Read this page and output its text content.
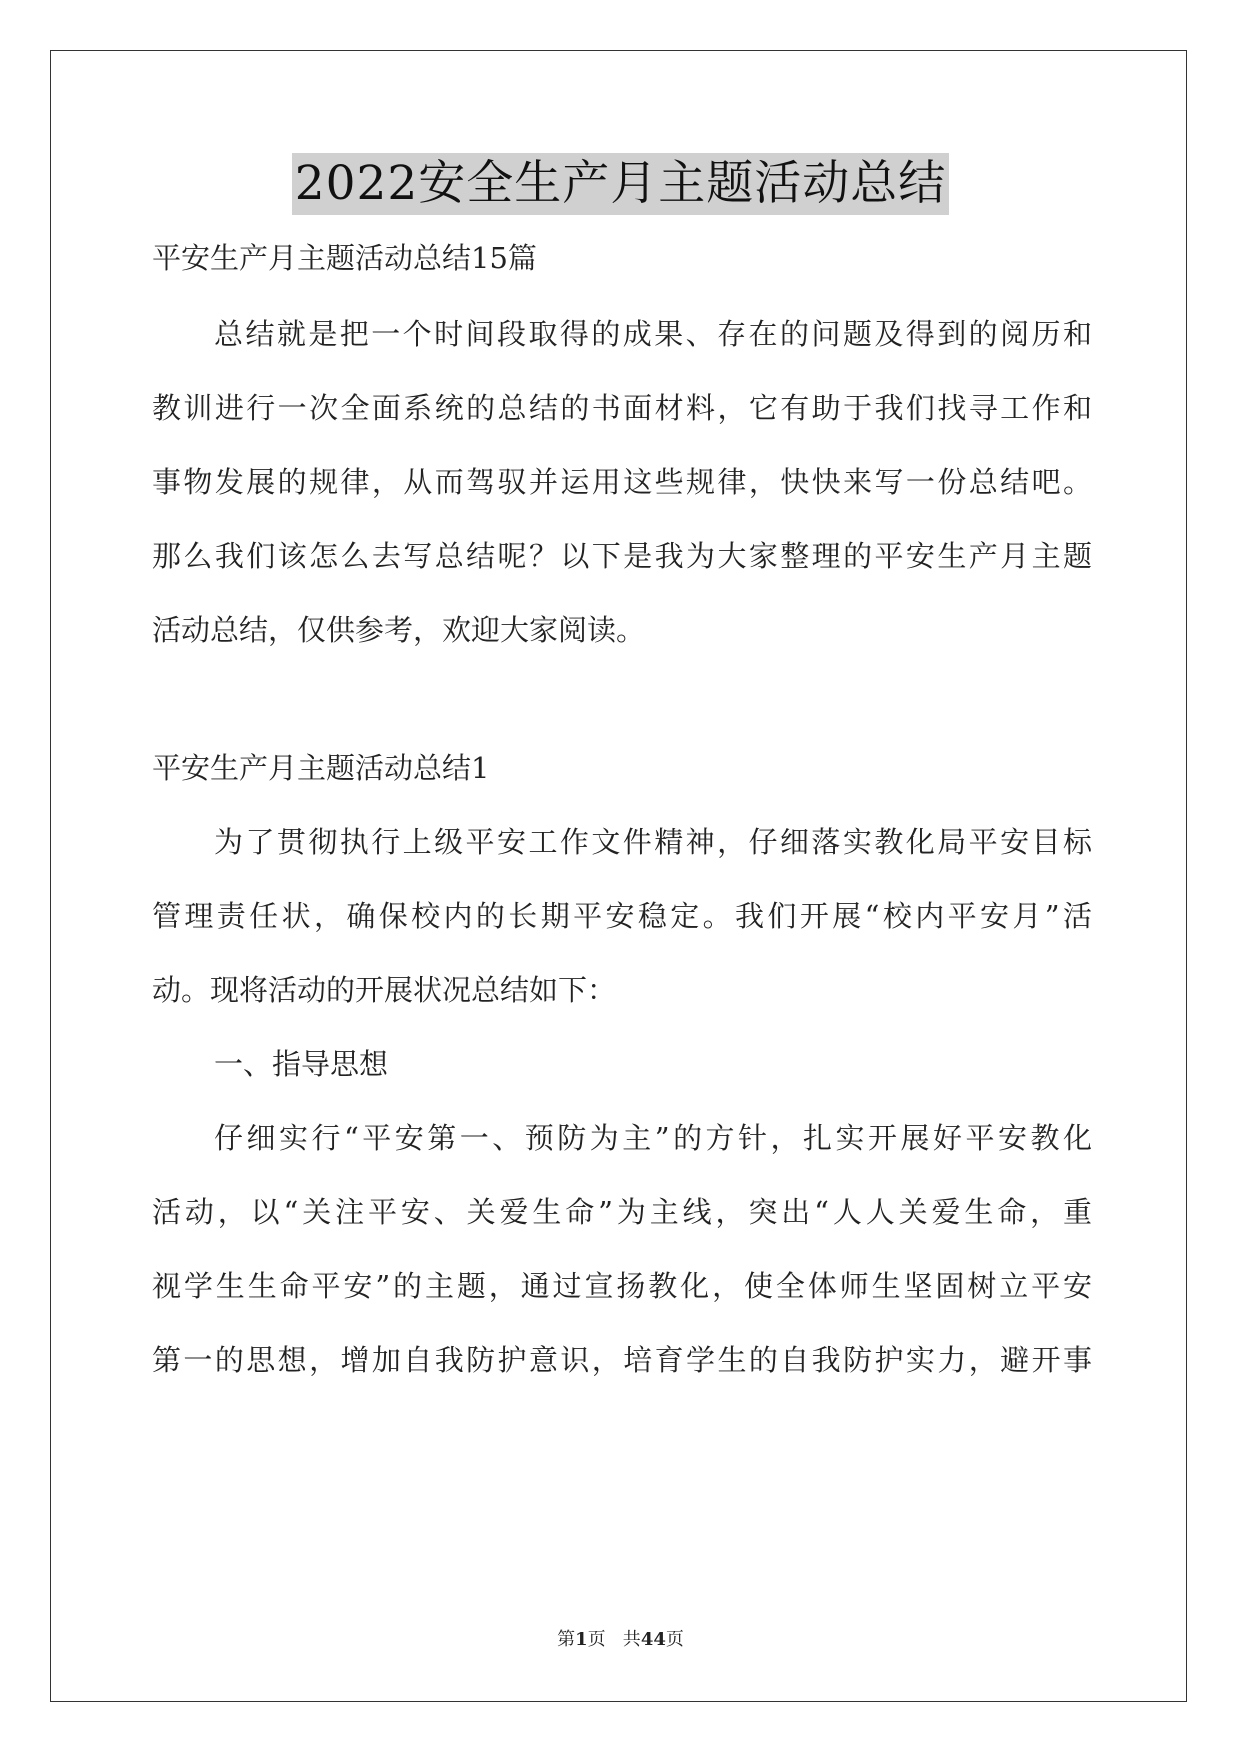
2022安全生产月主题活动总结
平安生产月主题活动总结15篇
总结就是把一个时间段取得的成果、存在的问题及得到的阅历和
教训进行一次全面系统的总结的书面材料，它有助于我们找寻工作和
事物发展的规律，从而驾驭并运用这些规律，快快来写一份总结吧。
那么我们该怎么去写总结呢？以下是我为大家整理的平安生产月主题
活动总结，仅供参考，欢迎大家阅读。
平安生产月主题活动总结1
为了贯彻执行上级平安工作文件精神，仔细落实教化局平安目标
管理责任状，确保校内的长期平安稳定。我们开展“校内平安月”活
动。现将活动的开展状况总结如下：
一、指导思想
仔细实行“平安第一、预防为主”的方针，扎实开展好平安教化
活动，以“关注平安、关爱生命”为主线，突出“人人关爱生命，重
视学生生命平安”的主题，通过宣扬教化，使全体师生坚固树立平安
第一的思想，增加自我防护意识，培育学生的自我防护实力，避开事
第1页   共44页
